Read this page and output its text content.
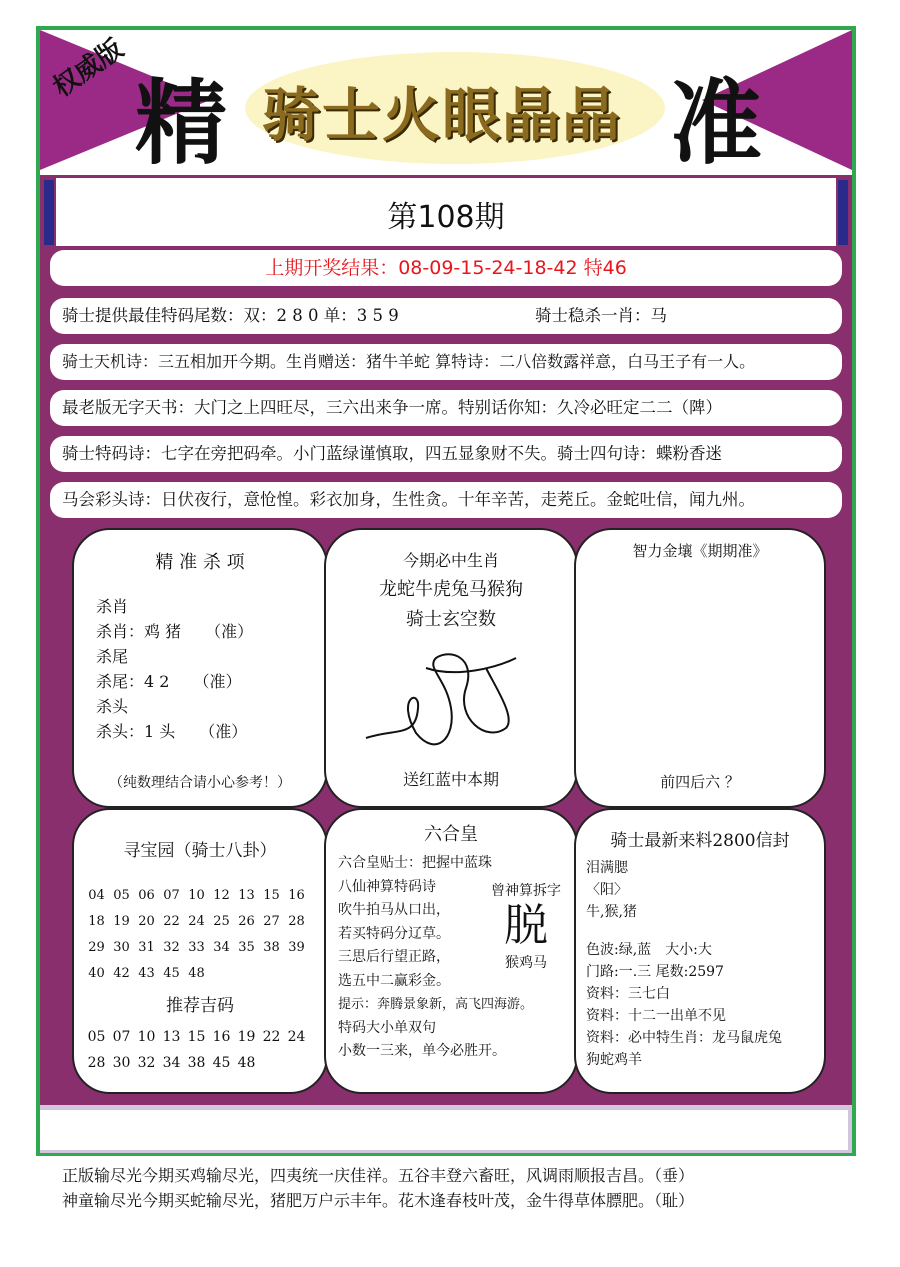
权威版
精 骑士火眼晶晶 准
第108期
上期开奖结果：08-09-15-24-18-42 特46
骑士提供最佳特码尾数：双：2 8 0 单：3 5 9	骑士稳杀一肖：马
骑士天机诗：三五相加开今期。生肖赠送：猪牛羊蛇 算特诗：二八倍数露祥意，白马王子有一人。
最老版无字天书：大门之上四旺尽，三六出来争一席。特别话你知：久冷必旺定二二（陴）
骑士特码诗：七字在旁把码牵。小门蓝绿谨慎取，四五显象财不失。骑士四句诗：蝶粉香迷
马会彩头诗：日伏夜行，意怆惶。彩衣加身，生性贪。十年辛苦，走茺丘。金蛇吐信，闻九州。
精 准 杀 项
杀肖
杀肖：鸡 猪　　（准）
杀尾
杀尾：4 2　　（准）
杀头
杀头：1 头　　（准）
（纯数理结合请小心参考！）
今期必中生肖
龙蛇牛虎兔马猴狗
骑士玄空数
送红蓝中本期
智力金壤《期期准》
前四后六 ？
寻宝园（骑士八卦）
04 05 06 07 10 12 13 15 1618 19 20 22 24 25 26 27 2829 30 31 32 33 34 35 38 3940 42 43 45 48
推荐吉码
05 07 10 13 15 16 19 22 2428 30 32 34 38 45 48
六合皇
六合皇贴士：把握中蓝珠
八仙神算特码诗
吹牛拍马从口出，
若买特码分辽草。
三思后行望正路，
选五中二赢彩金。
提示：奔腾景象新，高飞四海游。
特码大小单双句
小数一三来，单今必胜开。
曾神算拆字
脱
猴鸡马
骑士最新来料2800信封
泪满腮
〈阳〉
牛,猴,猪
色波:绿,蓝　大小:大
门路:一.三 尾数:2597
资料：三七白
资料：十二一出单不见
资料：必中特生肖：龙马鼠虎兔
狗蛇鸡羊
正版输尽光今期买鸡输尽光，四夷统一庆佳祥。五谷丰登六畜旺，风调雨顺报吉昌。（垂）
神童输尽光今期买蛇输尽光，猪肥万户示丰年。花木逢春枝叶茂，金牛得草体膘肥。（耻）
